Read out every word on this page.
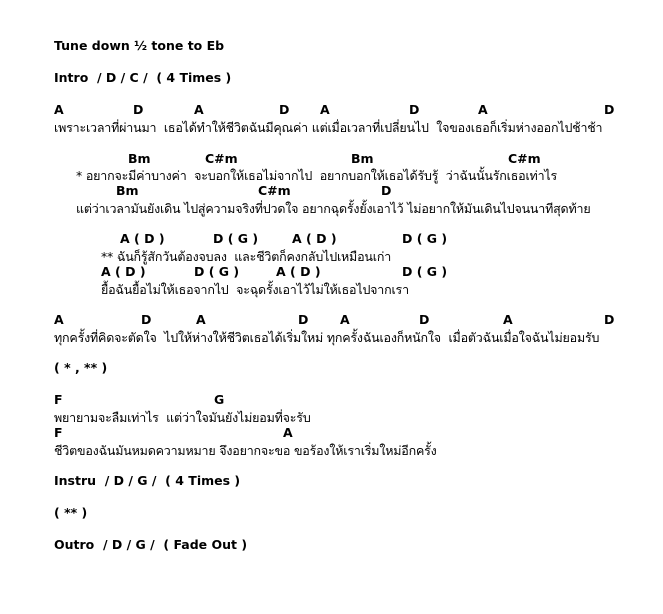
Tune down ½ tone to Eb
Intro  / D / C /  ( 4 Times )
A	D	A	D A	D	A	D
เพราะเวลาที่ผ่านมา  เธอได้ทำให้ชีวิตฉันมีคุณค่า แต่เมื่อเวลาที่เปลี่ยนไป  ใจของเธอก็เริ่มห่างออกไปช้าช้า
Bm	C#m	Bm	C#m
* อยากจะมีค่าบางค่า  จะบอกให้เธอไม่จากไป  อยากบอกให้เธอได้รับรู้  ว่าฉันนั้นรักเธอเท่าไร
Bm	C#m	D
แต่ว่าเวลามันยังเดิน ไปสู่ความจริงที่ปวดใจ อยากฉุดรั้งยั้งเอาไว้ ไม่อยากให้มันเดินไปจนนาทีสุดท้าย
A ( D )	D ( G )	A ( D )	D ( G )
** ฉันก็รู้สักวันต้องจบลง  และชีวิตก็คงกลับไปเหมือนเก่า
A ( D )	D ( G )	A ( D )	D ( G )
ยื้อฉันยื้อไม่ให้เธอจากไป  จะฉุดรั้งเอาไว้ไม่ให้เธอไปจากเรา
A	D	A	D	A	D	A	D
ทุกครั้งที่คิดจะตัดใจ  ไปให้ห่างให้ชีวิตเธอได้เริ่มใหม่ ทุกครั้งฉันเองก็หนักใจ  เมื่อตัวฉันเมื่อใจฉันไม่ยอมรับ
( * , ** )
F	G
พยายามจะลืมเท่าไร  แต่ว่าใจมันยังไม่ยอมที่จะรับ
F	A
ชีวิตของฉันมันหมดความหมาย จึงอยากจะขอ ขอร้องให้เราเริ่มใหม่อีกครั้ง
Instru  / D / G /  ( 4 Times )
( ** )
Outro  / D / G /  ( Fade Out )
